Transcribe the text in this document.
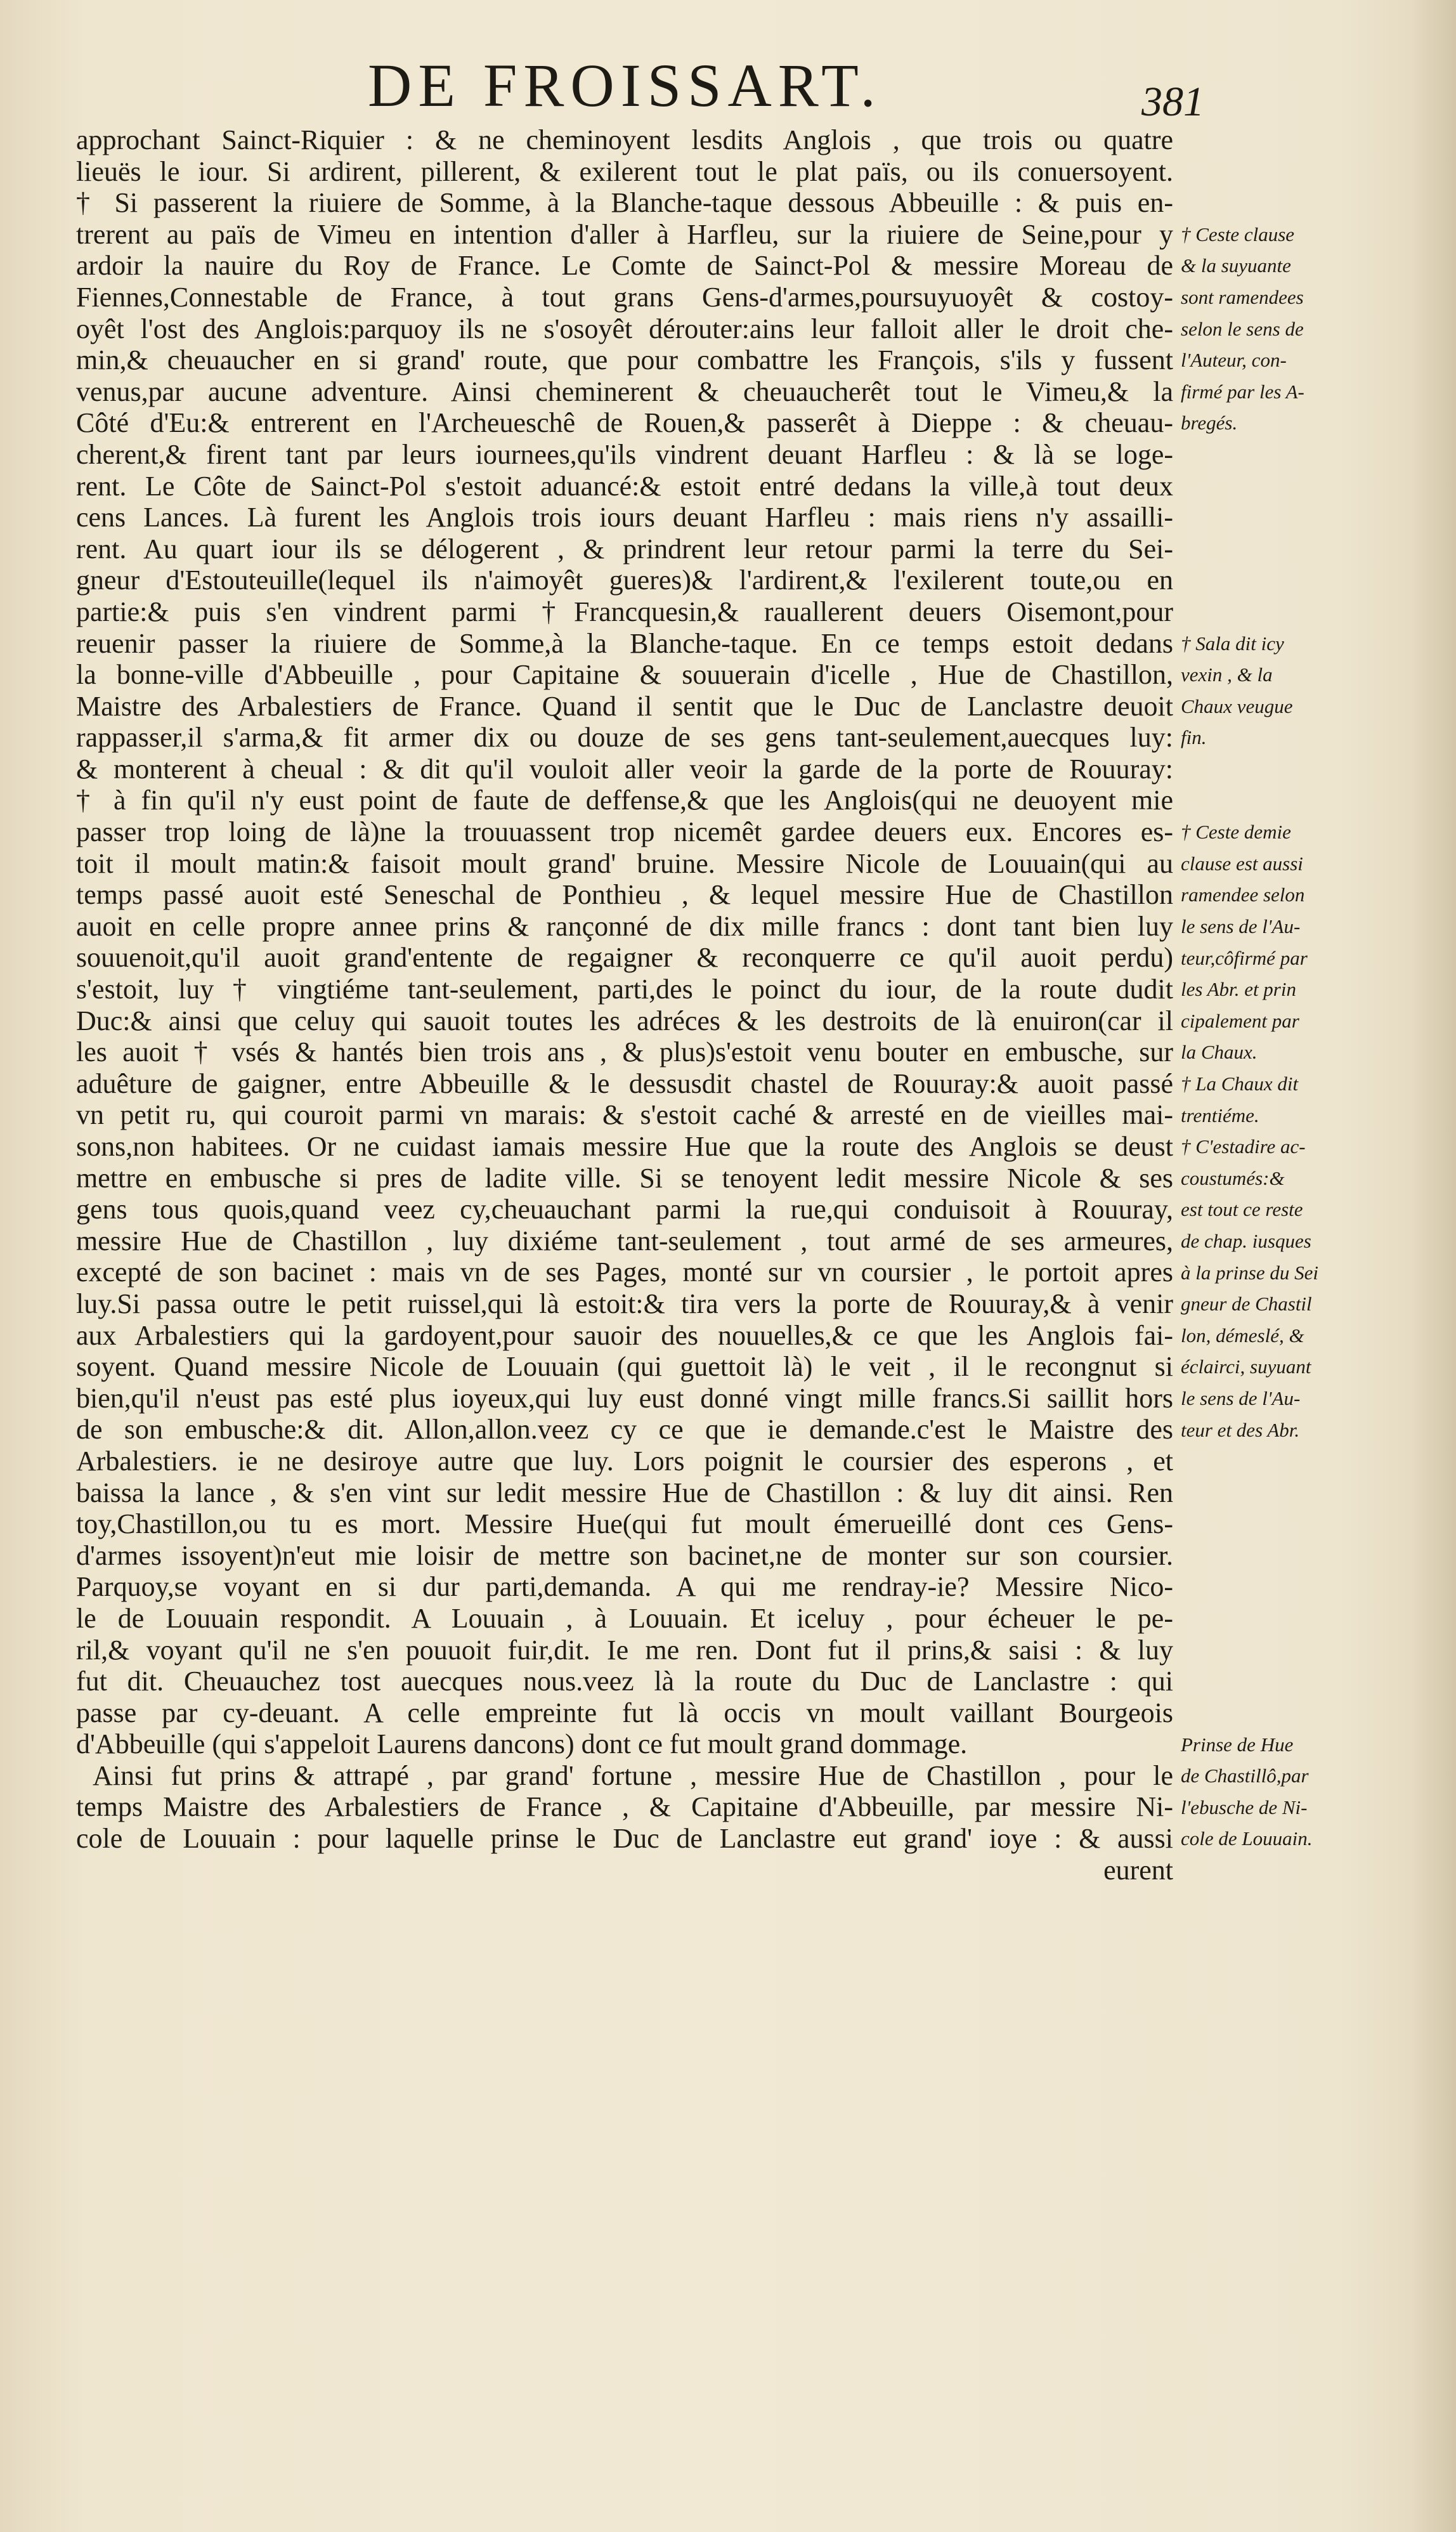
DE FROISSART.	381
approchant Sainct-Riquier : & ne cheminoyent lesdits Anglois , que trois ou quatre
lieuës le iour. Si ardirent, pillerent, & exilerent tout le plat païs, ou ils conuersoyent.
† Si passerent la riuiere de Somme, à la Blanche-taque dessous Abbeuille : & puis en-
trerent au païs de Vimeu en intention d'aller à Harfleu, sur la riuiere de Seine,pour y
ardoir la nauire du Roy de France. Le Comte de Sainct-Pol & messire Moreau de
Fiennes,Connestable de France, à tout grans Gens-d'armes,poursuyuoyêt & costoy-
oyêt l'ost des Anglois:parquoy ils ne s'osoyêt dérouter:ains leur falloit aller le droit che-
min,& cheuaucher en si grand' route, que pour combattre les François, s'ils y fussent
venus,par aucune adventure. Ainsi cheminerent & cheuaucherêt tout le Vimeu,& la
Côté d'Eu:& entrerent en l'Archeueschê de Rouen,& passerêt à Dieppe : & cheuau-
cherent,& firent tant par leurs iournees,qu'ils vindrent deuant Harfleu : & là se loge-
rent. Le Côte de Sainct-Pol s'estoit aduancé:& estoit entré dedans la ville,à tout deux
cens Lances. Là furent les Anglois trois iours deuant Harfleu : mais riens n'y assailli-
rent. Au quart iour ils se délogerent , & prindrent leur retour parmi la terre du Sei-
gneur d'Estouteuille(lequel ils n'aimoyêt gueres)& l'ardirent,& l'exilerent toute,ou en
partie:& puis s'en vindrent parmi †Francquesin,& rauallerent deuers Oisemont,pour
reuenir passer la riuiere de Somme,à la Blanche-taque. En ce temps estoit dedans
la bonne-ville d'Abbeuille , pour Capitaine & souuerain d'icelle , Hue de Chastillon,
Maistre des Arbalestiers de France. Quand il sentit que le Duc de Lanclastre deuoit
rappasser,il s'arma,& fit armer dix ou douze de ses gens tant-seulement,auecques luy:
& monterent à cheual : & dit qu'il vouloit aller veoir la garde de la porte de Rouuray:
† à fin qu'il n'y eust point de faute de deffense,& que les Anglois(qui ne deuoyent mie
passer trop loing de là)ne la trouuassent trop nicemêt gardee deuers eux. Encores es-
toit il moult matin:& faisoit moult grand' bruine. Messire Nicole de Louuain(qui au
temps passé auoit esté Seneschal de Ponthieu , & lequel messire Hue de Chastillon
auoit en celle propre annee prins & rançonné de dix mille francs : dont tant bien luy
souuenoit,qu'il auoit grand'entente de regaigner & reconquerre ce qu'il auoit perdu)
s'estoit, luy † vingtiéme tant-seulement, parti,des le poinct du iour, de la route dudit
Duc:& ainsi que celuy qui sauoit toutes les adréces & les destroits de là enuiron(car il
les auoit † vsés & hantés bien trois ans , & plus)s'estoit venu bouter en embusche, sur
aduêture de gaigner, entre Abbeuille & le dessusdit chastel de Rouuray:& auoit passé
vn petit ru, qui couroit parmi vn marais: & s'estoit caché & arresté en de vieilles mai-
sons,non habitees. Or ne cuidast iamais messire Hue que la route des Anglois se deust
mettre en embusche si pres de ladite ville. Si se tenoyent ledit messire Nicole & ses
gens tous quois,quand veez cy,cheuauchant parmi la rue,qui conduisoit à Rouuray,
messire Hue de Chastillon , luy dixiéme tant-seulement , tout armé de ses armeures,
excepté de son bacinet : mais vn de ses Pages, monté sur vn coursier , le portoit apres
luy.Si passa outre le petit ruissel,qui là estoit:& tira vers la porte de Rouuray,& à venir
aux Arbalestiers qui la gardoyent,pour sauoir des nouuelles,& ce que les Anglois fai-
soyent. Quand messire Nicole de Louuain (qui guettoit là) le veit , il le recongnut si
bien,qu'il n'eust pas esté plus ioyeux,qui luy eust donné vingt mille francs.Si saillit hors
de son embusche:& dit. Allon,allon.veez cy ce que ie demande.c'est le Maistre des
Arbalestiers. ie ne desiroye autre que luy. Lors poignit le coursier des esperons , et
baissa la lance , & s'en vint sur ledit messire Hue de Chastillon : & luy dit ainsi. Ren
toy,Chastillon,ou tu es mort. Messire Hue(qui fut moult émerueillé dont ces Gens-
d'armes issoyent)n'eut mie loisir de mettre son bacinet,ne de monter sur son coursier.
Parquoy,se voyant en si dur parti,demanda. A qui me rendray-ie? Messire Nico-
le de Louuain respondit. A Louuain , à Louuain. Et iceluy , pour écheuer le pe-
ril,& voyant qu'il ne s'en pouuoit fuir,dit. Ie me ren. Dont fut il prins,& saisi : & luy
fut dit. Cheuauchez tost auecques nous.veez là la route du Duc de Lanclastre : qui
passe par cy-deuant. A celle empreinte fut là occis vn moult vaillant Bourgeois
d'Abbeuille (qui s'appeloit Laurens dancons) dont ce fut moult grand dommage.
Ainsi fut prins & attrapé , par grand' fortune , messire Hue de Chastillon , pour le
temps Maistre des Arbalestiers de France , & Capitaine d'Abbeuille, par messire Ni-
cole de Louuain : pour laquelle prinse le Duc de Lanclastre eut grand' ioye : & aussi
eurent
† Ceste clause
& la suyuante
sont ramendees
selon le sens de
l'Auteur, con-
firmé par les A-
bregés.
† Sala dit icy
vexin , & la
Chaux veugue
fin.
† Ceste demie
clause est aussi
ramendee selon
le sens de l'Au-
teur,côfirmé par
les Abr. et prin
cipalement par
la Chaux.
† La Chaux dit
trentiéme.
† C'estadire ac-
coustumés:&
est tout ce reste
de chap. iusques
à la prinse du Sei
gneur de Chastil
lon, démeslé, &
éclairci, suyuant
le sens de l'Au-
teur et des Abr.
Prinse de Hue
de Chastillô,par
l'ebusche de Ni-
cole de Louuain.
